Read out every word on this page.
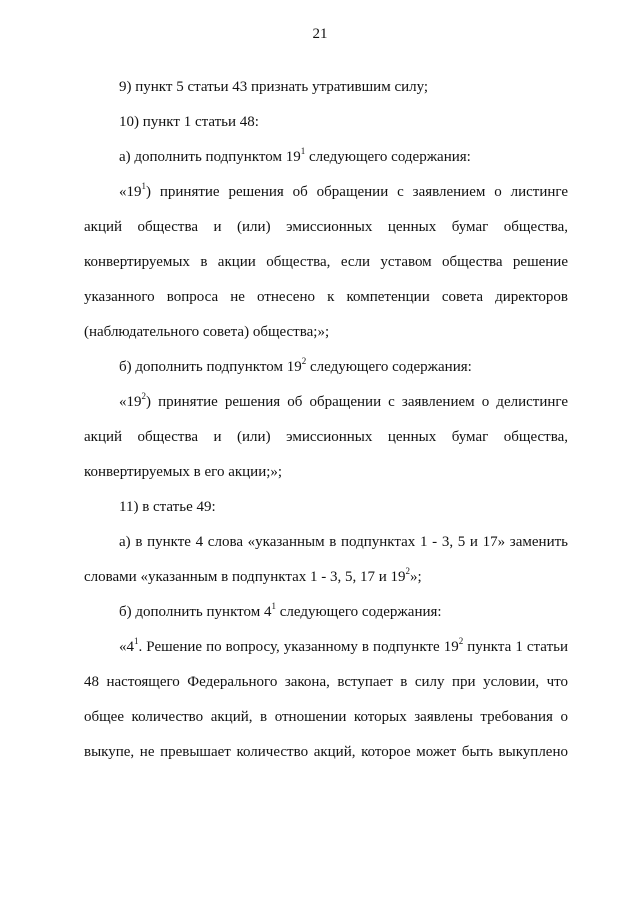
21

9) пункт 5 статьи 43 признать утратившим силу;

10) пункт 1 статьи 48:

а) дополнить подпунктом $19^1$ следующего содержания:

«$19^1$) принятие решения об обращении с заявлением о листинге акций общества и (или) эмиссионных ценных бумаг общества, конвертируемых в акции общества, если уставом общества решение указанного вопроса не отнесено к компетенции совета директоров (наблюдательного совета) общества;»;

б) дополнить подпунктом $19^2$ следующего содержания:

«$19^2$) принятие решения об обращении с заявлением о делистинге акций общества и (или) эмиссионных ценных бумаг общества, конвертируемых в его акции;»;

11) в статье 49:

а) в пункте 4 слова «указанным в подпунктах 1 - 3, 5 и 17» заменить словами «указанным в подпунктах 1 - 3, 5, 17 и $19^2$»;

б) дополнить пунктом $4^1$ следующего содержания:

«$4^1$. Решение по вопросу, указанному в подпункте $19^2$ пункта 1 статьи 48 настоящего Федерального закона, вступает в силу при условии, что общее количество акций, в отношении которых заявлены требования о выкупе, не превышает количество акций, которое может быть выкуплено
